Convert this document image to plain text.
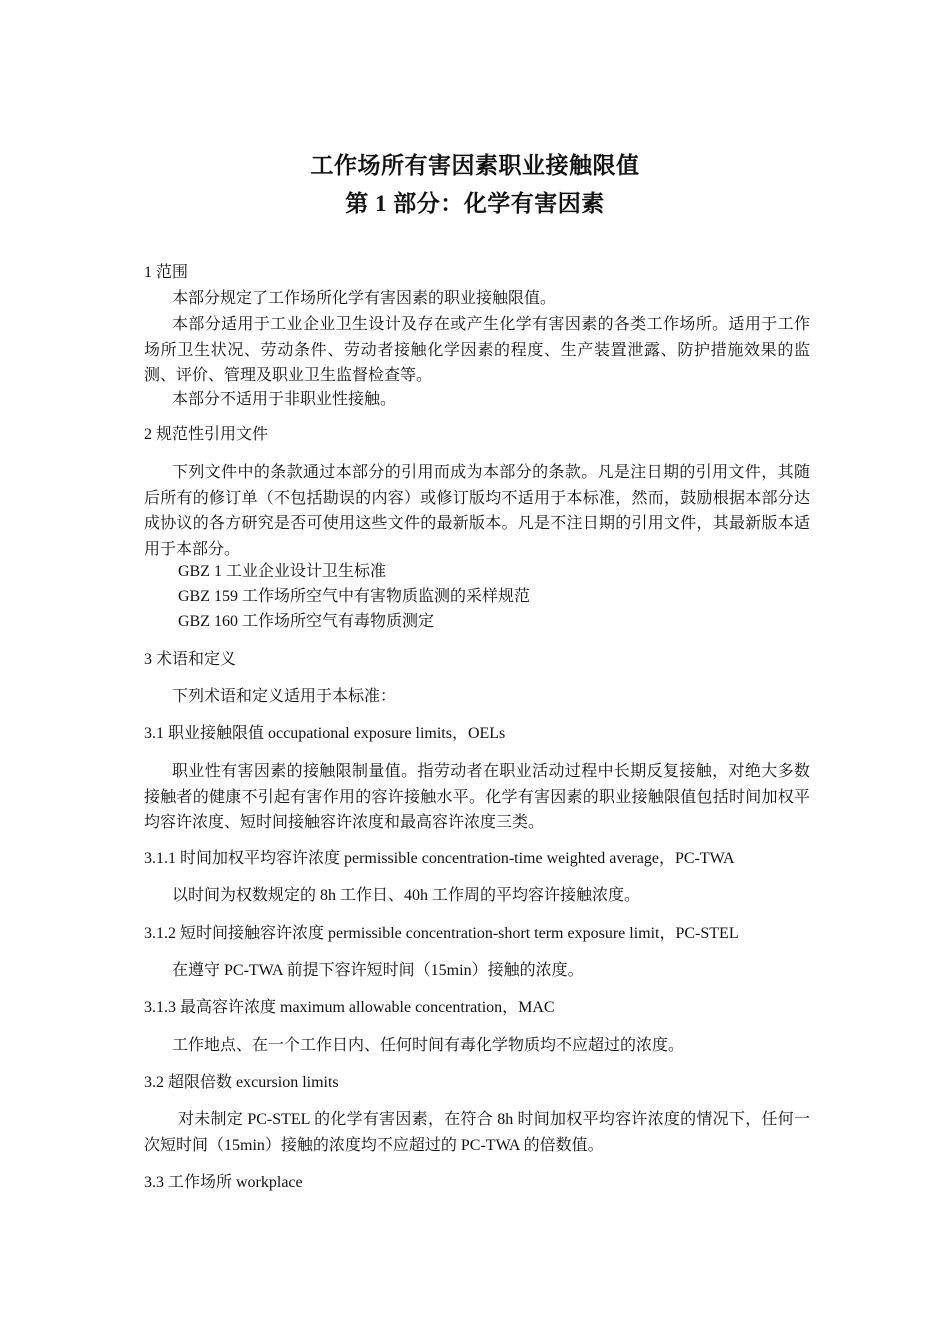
工作场所有害因素职业接触限值
第 1 部分：化学有害因素
1 范围
本部分规定了工作场所化学有害因素的职业接触限值。
本部分适用于工业企业卫生设计及存在或产生化学有害因素的各类工作场所。适用于工作场所卫生状况、劳动条件、劳动者接触化学因素的程度、生产装置泄露、防护措施效果的监测、评价、管理及职业卫生监督检查等。
本部分不适用于非职业性接触。
2 规范性引用文件
下列文件中的条款通过本部分的引用而成为本部分的条款。凡是注日期的引用文件，其随后所有的修订单（不包括勘误的内容）或修订版均不适用于本标准，然而，鼓励根据本部分达成协议的各方研究是否可使用这些文件的最新版本。凡是不注日期的引用文件，其最新版本适用于本部分。
GBZ 1 工业企业设计卫生标准
GBZ 159 工作场所空气中有害物质监测的采样规范
GBZ 160 工作场所空气有毒物质测定
3 术语和定义
下列术语和定义适用于本标准：
3.1 职业接触限值 occupational exposure limits，OELs
职业性有害因素的接触限制量值。指劳动者在职业活动过程中长期反复接触，对绝大多数接触者的健康不引起有害作用的容许接触水平。化学有害因素的职业接触限值包括时间加权平均容许浓度、短时间接触容许浓度和最高容许浓度三类。
3.1.1 时间加权平均容许浓度 permissible concentration-time weighted average，PC-TWA
以时间为权数规定的 8h 工作日、40h 工作周的平均容许接触浓度。
3.1.2 短时间接触容许浓度 permissible concentration-short term exposure limit，PC-STEL
在遵守 PC-TWA 前提下容许短时间（15min）接触的浓度。
3.1.3 最高容许浓度 maximum allowable concentration，MAC
工作地点、在一个工作日内、任何时间有毒化学物质均不应超过的浓度。
3.2 超限倍数 excursion limits
对未制定 PC-STEL 的化学有害因素，在符合 8h 时间加权平均容许浓度的情况下，任何一次短时间（15min）接触的浓度均不应超过的 PC-TWA 的倍数值。
3.3 工作场所 workplace
